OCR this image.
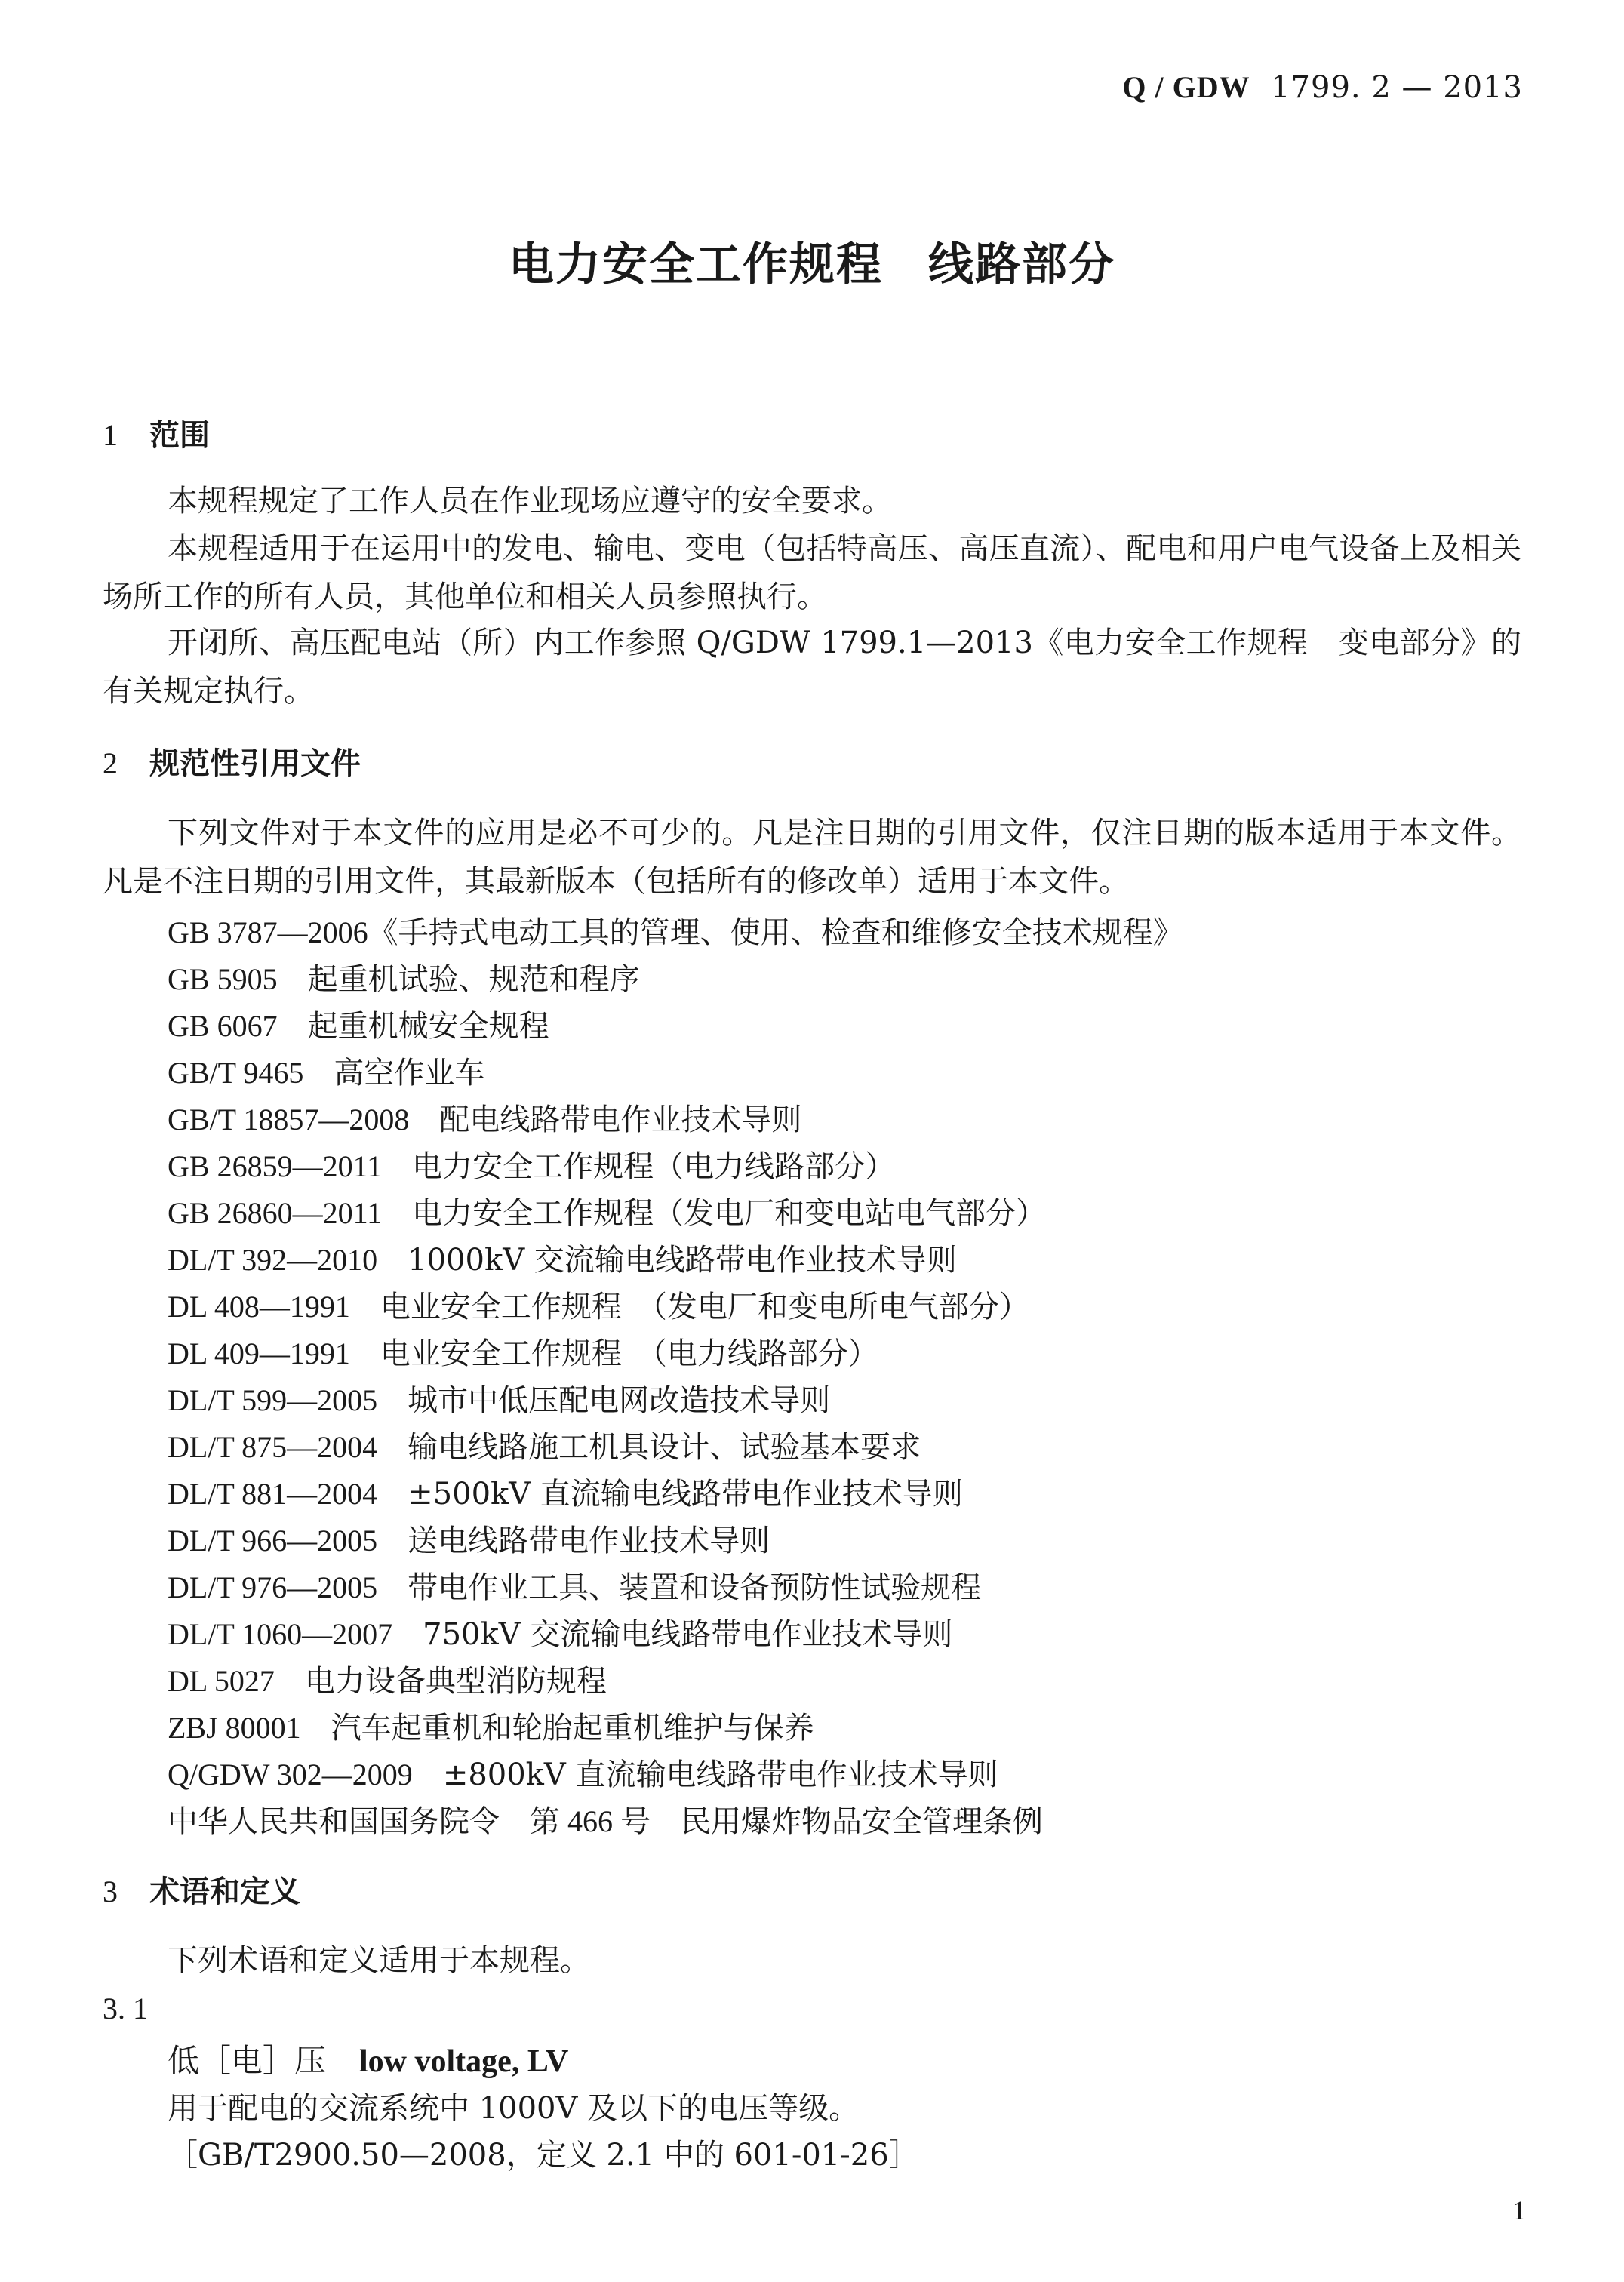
Q / GDW 1799. 2 — 2013
电力安全工作规程 线路部分
1 范围

本规程规定了工作人员在作业现场应遵守的安全要求。

本规程适用于在运用中的发电、输电、变电（包括特高压、高压直流）、配电和用户电气设备上及相关场所工作的所有人员，其他单位和相关人员参照执行。

开闭所、高压配电站（所）内工作参照 Q/GDW 1799.1—2013《电力安全工作规程　变电部分》的有关规定执行。

2 规范性引用文件

下列文件对于本文件的应用是必不可少的。凡是注日期的引用文件，仅注日期的版本适用于本文件。凡是不注日期的引用文件，其最新版本（包括所有的修改单）适用于本文件。

GB 3787—2006《手持式电动工具的管理、使用、检查和维修安全技术规程》
GB 5905 起重机试验、规范和程序
GB 6067 起重机械安全规程
GB/T 9465 高空作业车
GB/T 18857—2008 配电线路带电作业技术导则
GB 26859—2011 电力安全工作规程（电力线路部分）
GB 26860—2011 电力安全工作规程（发电厂和变电站电气部分）
DL/T 392—2010 1000kV 交流输电线路带电作业技术导则
DL 408—1991 电业安全工作规程　（发电厂和变电所电气部分）
DL 409—1991 电业安全工作规程　（电力线路部分）
DL/T 599—2005 城市中低压配电网改造技术导则
DL/T 875—2004 输电线路施工机具设计、试验基本要求
DL/T 881—2004 ±500kV 直流输电线路带电作业技术导则
DL/T 966—2005 送电线路带电作业技术导则
DL/T 976—2005 带电作业工具、装置和设备预防性试验规程
DL/T 1060—2007 750kV 交流输电线路带电作业技术导则
DL 5027 电力设备典型消防规程
ZBJ 80001 汽车起重机和轮胎起重机维护与保养
Q/GDW 302—2009 ±800kV 直流输电线路带电作业技术导则
中华人民共和国国务院令　第 466 号 民用爆炸物品安全管理条例
3 术语和定义

下列术语和定义适用于本规程。

3. 1
低［电］压 low voltage, LV
用于配电的交流系统中 1000V 及以下的电压等级。
［GB/T2900.50—2008，定义 2.1 中的 601-01-26］
1
